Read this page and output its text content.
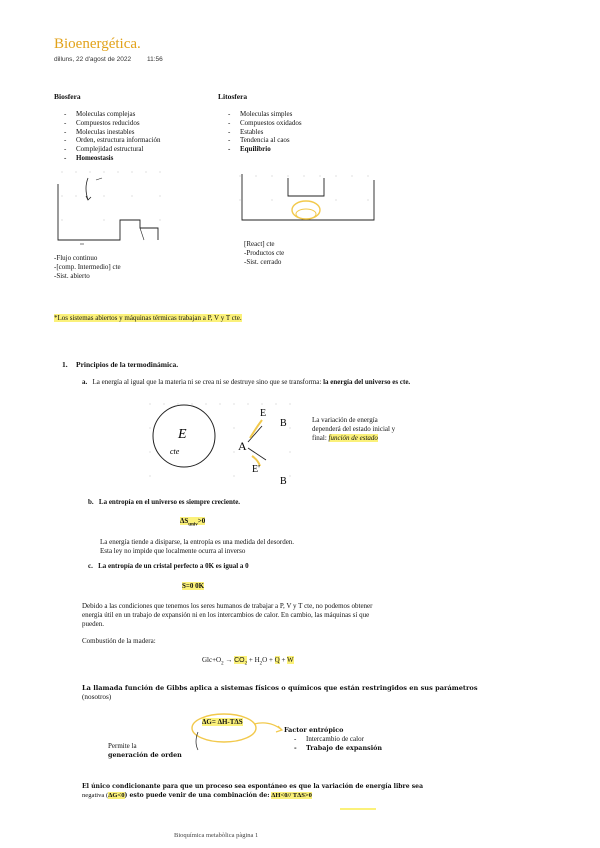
Bioenergética.
dilluns, 22 d'agost de 2022 11:56
Biosfera
- Moleculas complejas
- Compuestos reducidos
- Moleculas inestables
- Orden, estructura información
- Complejidad estructural
- Homeostasis
-Flujo continuo
-[comp. Intermedio] cte
-Sist. abierto
Litosfera
- Moleculas simples
- Compuestos oxidados
- Estables
- Tendencia al caos
- Equilibrio
[React] cte
-Productos cte
-Sist. cerrado
*Los sistemas abiertos y máquinas térmicas trabajan a P, V y T cte.
1. Principios de la termodinámica.
a. La energía al igual que la materia ni se crea ni se destruye sino que se transforma: la energía del universo es cte.
E
cte	A
E
B
E'
B
La variación de energía
dependerá del estado inicial y
final: función de estado
b. La entropía en el universo es siempre creciente.
$\Delta S_{univ}>0$
La energía tiende a disiparse, la entropía es una medida del desorden.
Esta ley no impide que localmente ocurra al inverso
c. La entropía de un cristal perfecto a 0K es igual a 0
S=0 0K
Debido a las condiciones que tenemos los seres humanos de trabajar a P, V y T cte, no podemos obtener
energía útil en un trabajo de expansión ni en los intercambios de calor. En cambio, las máquinas sí que
pueden.
Combustión de la madera:
$Glc+O_2 \to CO_2 + H_2O + Q + W$
La llamada función de Gibbs aplica a sistemas físicos o químicos que están restringidos en sus parámetros
(nosotros)
ΔG= ΔH-TΔS
Permite la
generación de orden
Factor entrópico
- Intercambio de calor
- Trabajo de expansión
El único condicionante para que un proceso sea espontáneo es que la variación de energía libre sea
negativa (ΔG<0) esto puede venir de una combinación de: ΔH<0// TΔS>0
Bioquímica metabòlica pàgina 1
